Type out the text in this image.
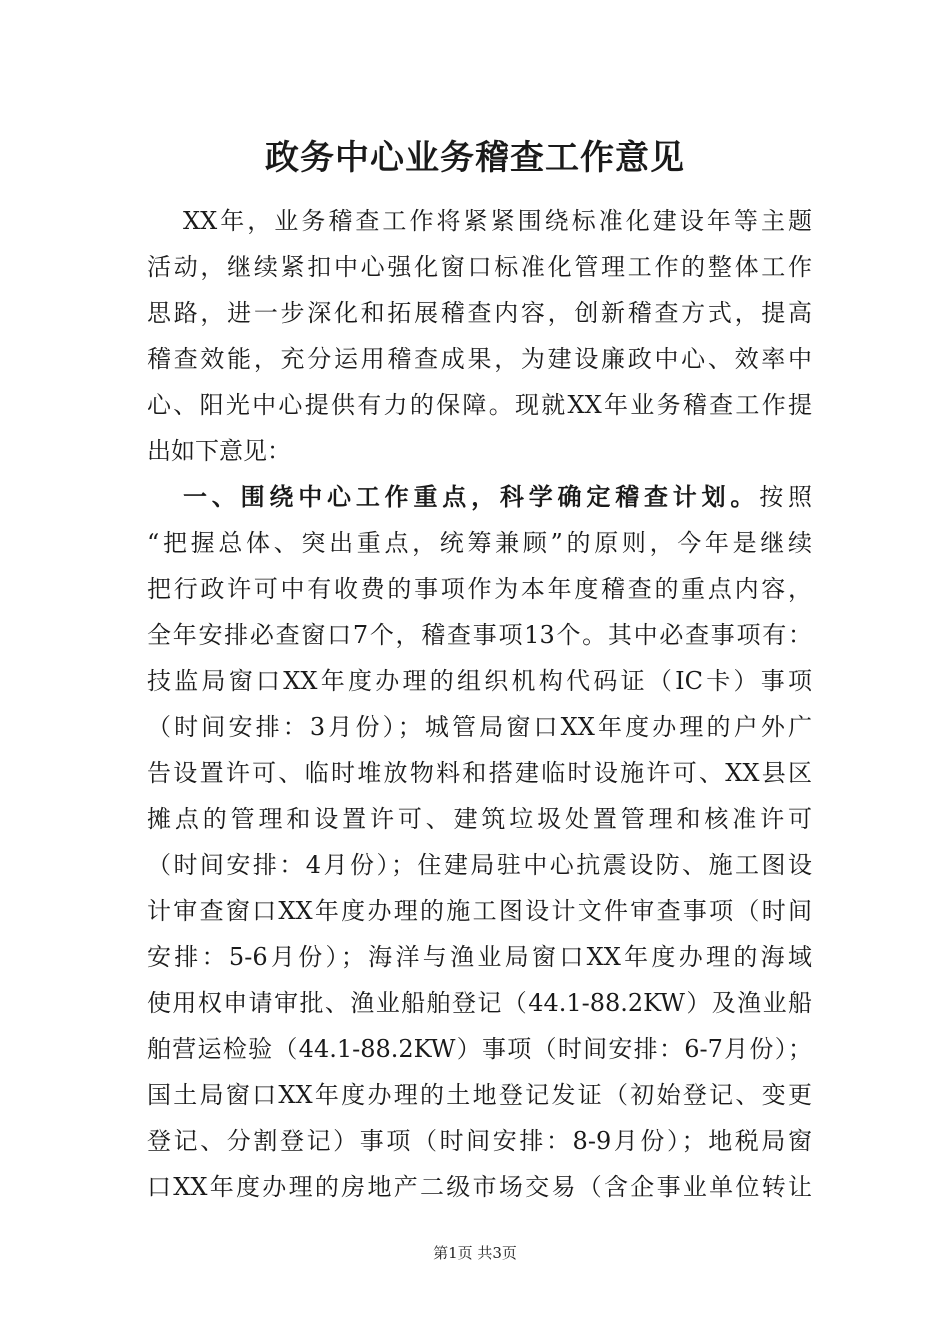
政务中心业务稽查工作意见

XX年，业务稽查工作将紧紧围绕标准化建设年等主题

活动，继续紧扣中心强化窗口标准化管理工作的整体工作

思路，进一步深化和拓展稽查内容，创新稽查方式，提高

稽查效能，充分运用稽查成果，为建设廉政中心、效率中

心、阳光中心提供有力的保障。现就XX年业务稽查工作提

出如下意见：

一、围绕中心工作重点，科学确定稽查计划。按照

“把握总体、突出重点，统筹兼顾”的原则，今年是继续

把行政许可中有收费的事项作为本年度稽查的重点内容，

全年安排必查窗口7个，稽查事项13个。其中必查事项有：

技监局窗口XX年度办理的组织机构代码证（IC卡）事项

（时间安排：3月份）；城管局窗口XX年度办理的户外广

告设置许可、临时堆放物料和搭建临时设施许可、XX县区

摊点的管理和设置许可、建筑垃圾处置管理和核准许可

（时间安排：4月份）；住建局驻中心抗震设防、施工图设

计审查窗口XX年度办理的施工图设计文件审查事项（时间

安排：5-6月份）；海洋与渔业局窗口XX年度办理的海域

使用权申请审批、渔业船舶登记（44.1-88.2KW）及渔业船

舶营运检验（44.1-88.2KW）事项（时间安排：6-7月份）；

国土局窗口XX年度办理的土地登记发证（初始登记、变更

登记、分割登记）事项（时间安排：8-9月份）；地税局窗

口XX年度办理的房地产二级市场交易（含企事业单位转让

第1页 共3页
